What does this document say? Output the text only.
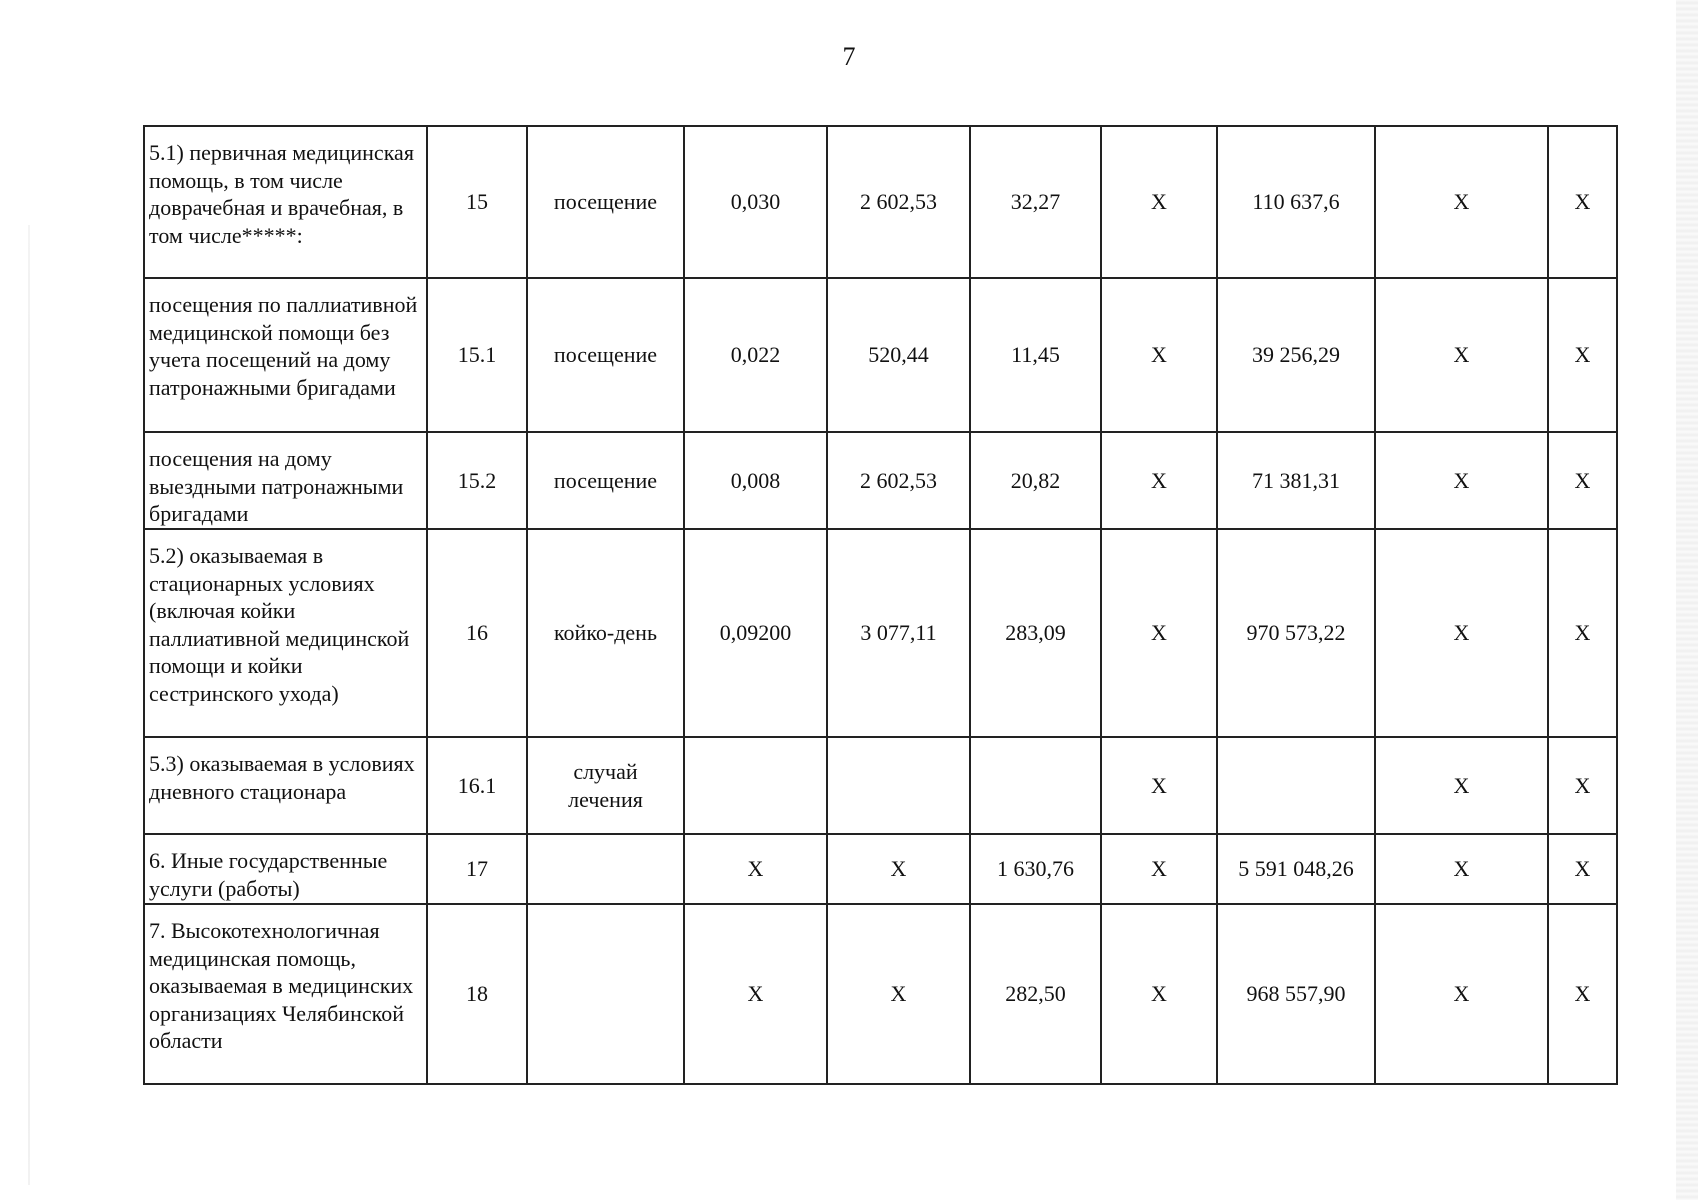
7
5.1) первичная медицинская помощь, в том числе доврачебная и врачебная, в том числе*****:	15	посещение	0,030	2 602,53	32,27	X	110 637,6	X	X
посещения по паллиативной медицинской помощи без учета посещений на дому патронажными бригадами	15.1	посещение	0,022	520,44	11,45	X	39 256,29	X	X
посещения на дому выездными патронажными бригадами	15.2	посещение	0,008	2 602,53	20,82	X	71 381,31	X	X
5.2) оказываемая в стационарных условиях (включая койки паллиативной медицинской помощи и койки сестринского ухода)	16	койко-день	0,09200	3 077,11	283,09	X	970 573,22	X	X
5.3) оказываемая в условиях дневного стационара	16.1	случай лечения				X		X	X
6. Иные государственные услуги (работы)	17		X	X	1 630,76	X	5 591 048,26	X	X
7. Высокотехнологичная медицинская помощь, оказываемая в медицинских организациях Челябинской области	18		X	X	282,50	X	968 557,90	X	X
